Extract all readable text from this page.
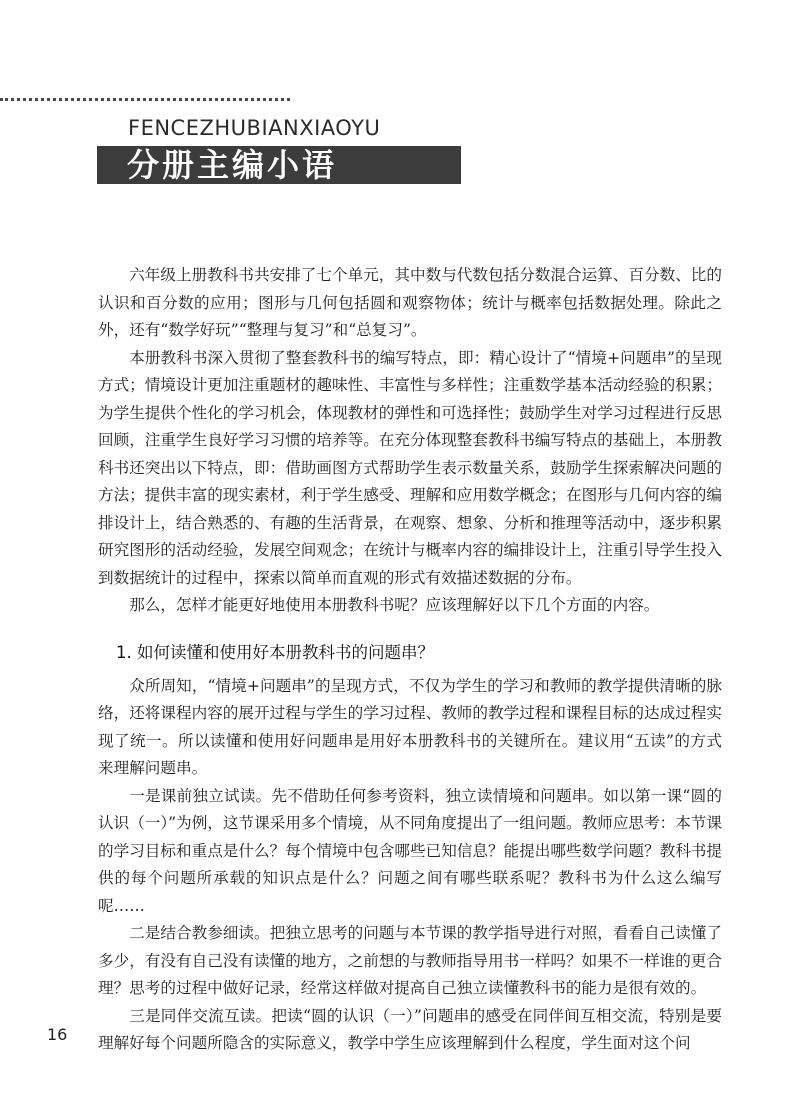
FENCEZHUBIANXIAOYU
分册主编小语

六年级上册教科书共安排了七个单元，其中数与代数包括分数混合运算、百分数、比的认识和百分数的应用；图形与几何包括圆和观察物体；统计与概率包括数据处理。除此之外，还有“数学好玩”“整理与复习”和“总复习”。

本册教科书深入贯彻了整套教科书的编写特点，即：精心设计了“情境+问题串”的呈现方式；情境设计更加注重题材的趣味性、丰富性与多样性；注重数学基本活动经验的积累；为学生提供个性化的学习机会，体现教材的弹性和可选择性；鼓励学生对学习过程进行反思回顾，注重学生良好学习习惯的培养等。在充分体现整套教科书编写特点的基础上，本册教科书还突出以下特点，即：借助画图方式帮助学生表示数量关系，鼓励学生探索解决问题的方法；提供丰富的现实素材，利于学生感受、理解和应用数学概念；在图形与几何内容的编排设计上，结合熟悉的、有趣的生活背景，在观察、想象、分析和推理等活动中，逐步积累研究图形的活动经验，发展空间观念；在统计与概率内容的编排设计上，注重引导学生投入到数据统计的过程中，探索以简单而直观的形式有效描述数据的分布。

那么，怎样才能更好地使用本册教科书呢？应该理解好以下几个方面的内容。

1. 如何读懂和使用好本册教科书的问题串？

众所周知，“情境+问题串”的呈现方式，不仅为学生的学习和教师的教学提供清晰的脉络，还将课程内容的展开过程与学生的学习过程、教师的教学过程和课程目标的达成过程实现了统一。所以读懂和使用好问题串是用好本册教科书的关键所在。建议用“五读”的方式来理解问题串。

一是课前独立试读。先不借助任何参考资料，独立读情境和问题串。如以第一课“圆的认识（一）”为例，这节课采用多个情境，从不同角度提出了一组问题。教师应思考：本节课的学习目标和重点是什么？每个情境中包含哪些已知信息？能提出哪些数学问题？教科书提供的每个问题所承载的知识点是什么？问题之间有哪些联系呢？教科书为什么这么编写呢……

二是结合教参细读。把独立思考的问题与本节课的教学指导进行对照，看看自己读懂了多少，有没有自己没有读懂的地方，之前想的与教师指导用书一样吗？如果不一样谁的更合理？思考的过程中做好记录，经常这样做对提高自己独立读懂教科书的能力是很有效的。

三是同伴交流互读。把读“圆的认识（一）”问题串的感受在同伴间互相交流，特别是要理解好每个问题所隐含的实际意义，教学中学生应该理解到什么程度，学生面对这个问

16
